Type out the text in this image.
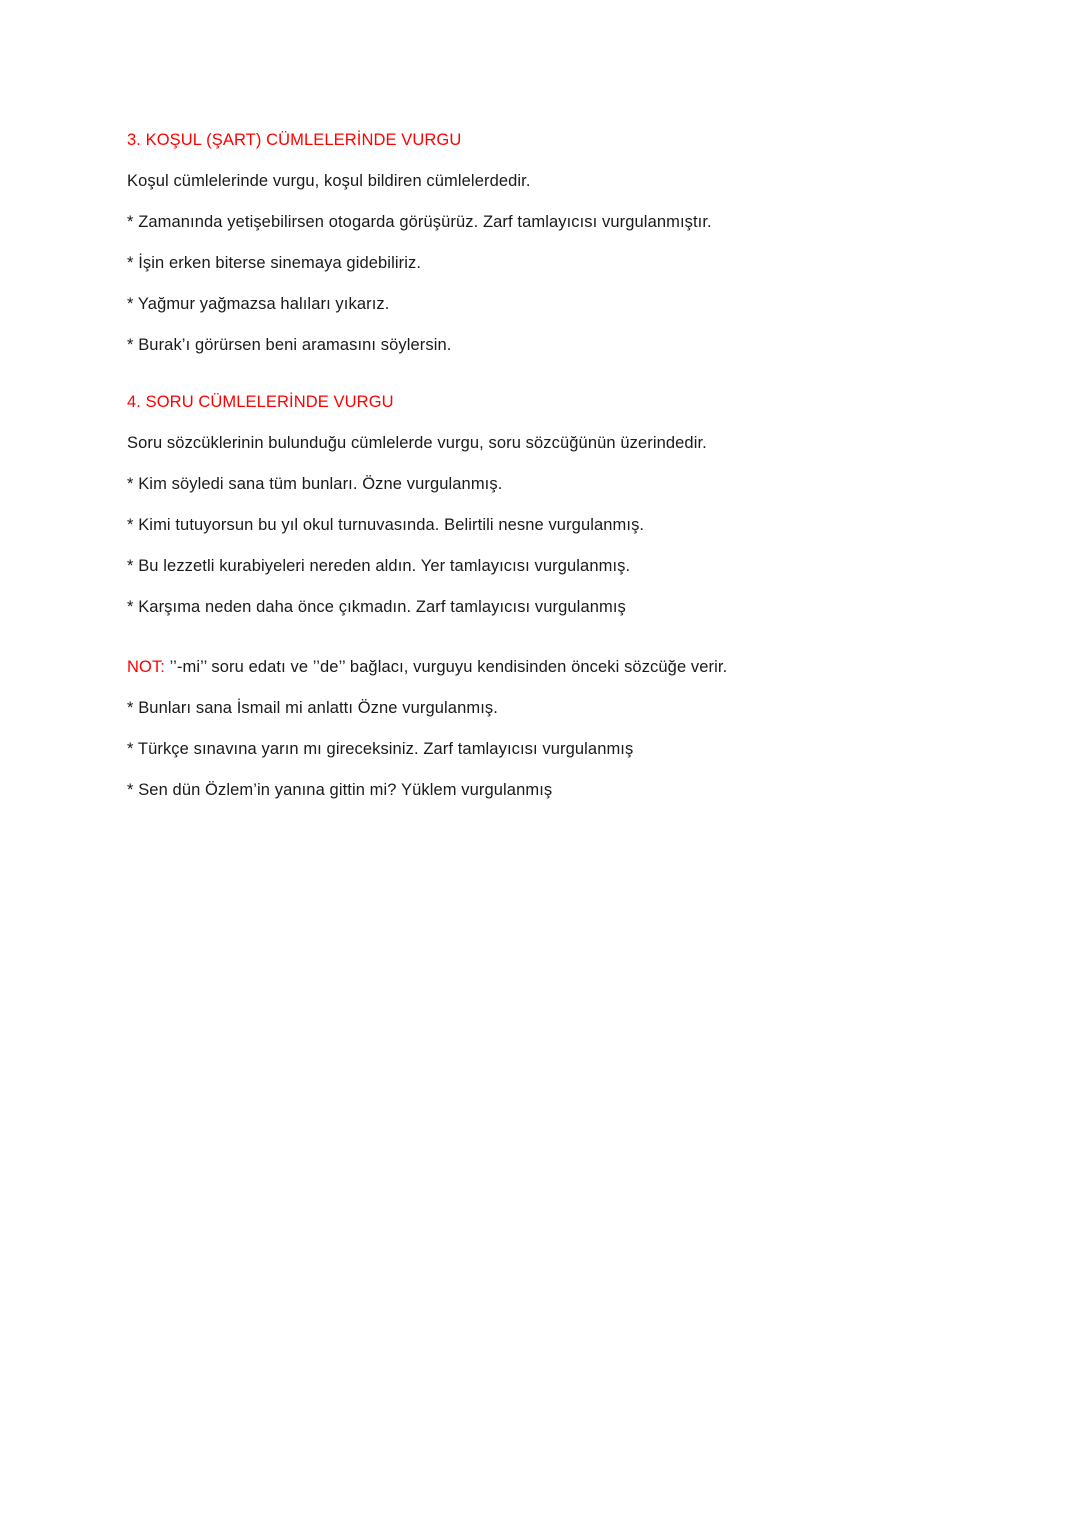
3. KOŞUL (ŞART) CÜMLELERİNDE VURGU

Koşul cümlelerinde vurgu, koşul bildiren cümlelerdedir.

* Zamanında yetişebilirsen otogarda görüşürüz. Zarf tamlayıcısı vurgulanmıştır.

* İşin erken biterse sinemaya gidebiliriz.

* Yağmur yağmazsa halıları yıkarız.

* Burak’ı görürsen beni aramasını söylersin.

4. SORU CÜMLELERİNDE VURGU

Soru sözcüklerinin bulunduğu cümlelerde vurgu, soru sözcüğünün üzerindedir.

* Kim söyledi sana tüm bunları. Özne vurgulanmış.

* Kimi tutuyorsun bu yıl okul turnuvasında. Belirtili nesne vurgulanmış.

* Bu lezzetli kurabiyeleri nereden aldın. Yer tamlayıcısı vurgulanmış.

* Karşıma neden daha önce çıkmadın. Zarf tamlayıcısı vurgulanmış

NOT: ’’-mi’’ soru edatı ve ’’de’’ bağlacı, vurguyu kendisinden önceki sözcüğe verir.

* Bunları sana İsmail mi anlattı Özne vurgulanmış.

* Türkçe sınavına yarın mı gireceksiniz. Zarf tamlayıcısı vurgulanmış

* Sen dün Özlem’in yanına gittin mi? Yüklem vurgulanmış
